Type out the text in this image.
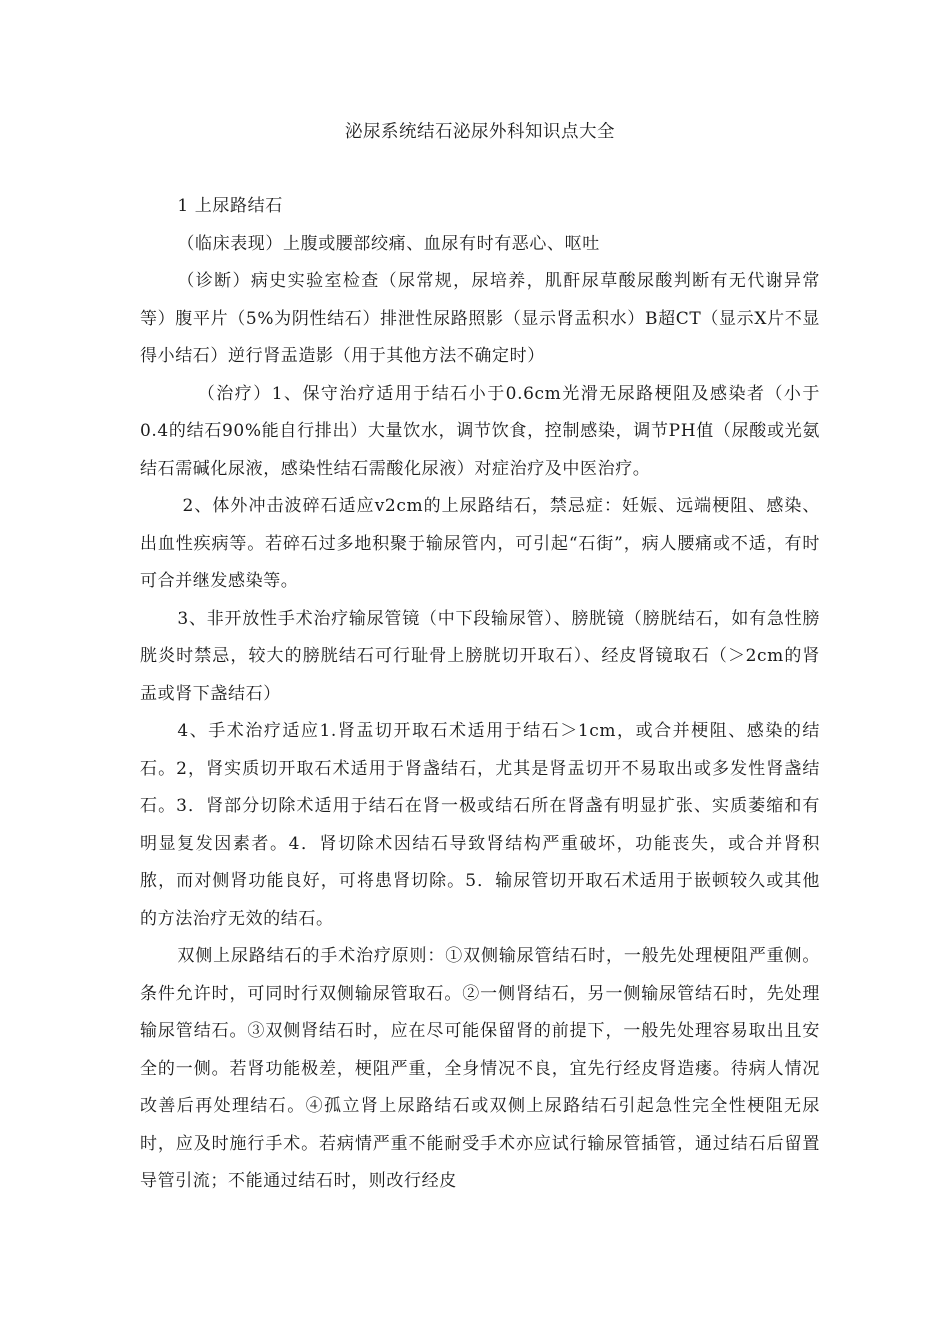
泌尿系统结石泌尿外科知识点大全

1 上尿路结石

（临床表现）上腹或腰部绞痛、血尿有时有恶心、呕吐

（诊断）病史实验室检查（尿常规，尿培养，肌酐尿草酸尿酸判断有无代谢异常等）腹平片（5%为阴性结石）排泄性尿路照影（显示肾盂积水）B超CT（显示X片不显得小结石）逆行肾盂造影（用于其他方法不确定时）

（治疗）1、保守治疗适用于结石小于0.6cm光滑无尿路梗阻及感染者（小于0.4的结石90%能自行排出）大量饮水，调节饮食，控制感染，调节PH值（尿酸或光氨结石需碱化尿液，感染性结石需酸化尿液）对症治疗及中医治疗。

2、体外冲击波碎石适应v2cm的上尿路结石，禁忌症：妊娠、远端梗阻、感染、出血性疾病等。若碎石过多地积聚于输尿管内，可引起“石街”，病人腰痛或不适，有时可合并继发感染等。

3、非开放性手术治疗输尿管镜（中下段输尿管）、膀胱镜（膀胱结石，如有急性膀胱炎时禁忌，较大的膀胱结石可行耻骨上膀胱切开取石）、经皮肾镜取石（＞2cm的肾盂或肾下盏结石）

4、手术治疗适应1.肾盂切开取石术适用于结石＞1cm，或合并梗阻、感染的结石。2，肾实质切开取石术适用于肾盏结石，尤其是肾盂切开不易取出或多发性肾盏结石。3．肾部分切除术适用于结石在肾一极或结石所在肾盏有明显扩张、实质萎缩和有明显复发因素者。4．肾切除术因结石导致肾结构严重破坏，功能丧失，或合并肾积脓，而对侧肾功能良好，可将患肾切除。5．输尿管切开取石术适用于嵌顿较久或其他的方法治疗无效的结石。

双侧上尿路结石的手术治疗原则：①双侧输尿管结石时，一般先处理梗阻严重侧。条件允许时，可同时行双侧输尿管取石。②一侧肾结石，另一侧输尿管结石时，先处理输尿管结石。③双侧肾结石时，应在尽可能保留肾的前提下，一般先处理容易取出且安全的一侧。若肾功能极差，梗阻严重，全身情况不良，宜先行经皮肾造瘘。待病人情况改善后再处理结石。④孤立肾上尿路结石或双侧上尿路结石引起急性完全性梗阻无尿时，应及时施行手术。若病情严重不能耐受手术亦应试行输尿管插管，通过结石后留置导管引流；不能通过结石时，则改行经皮
